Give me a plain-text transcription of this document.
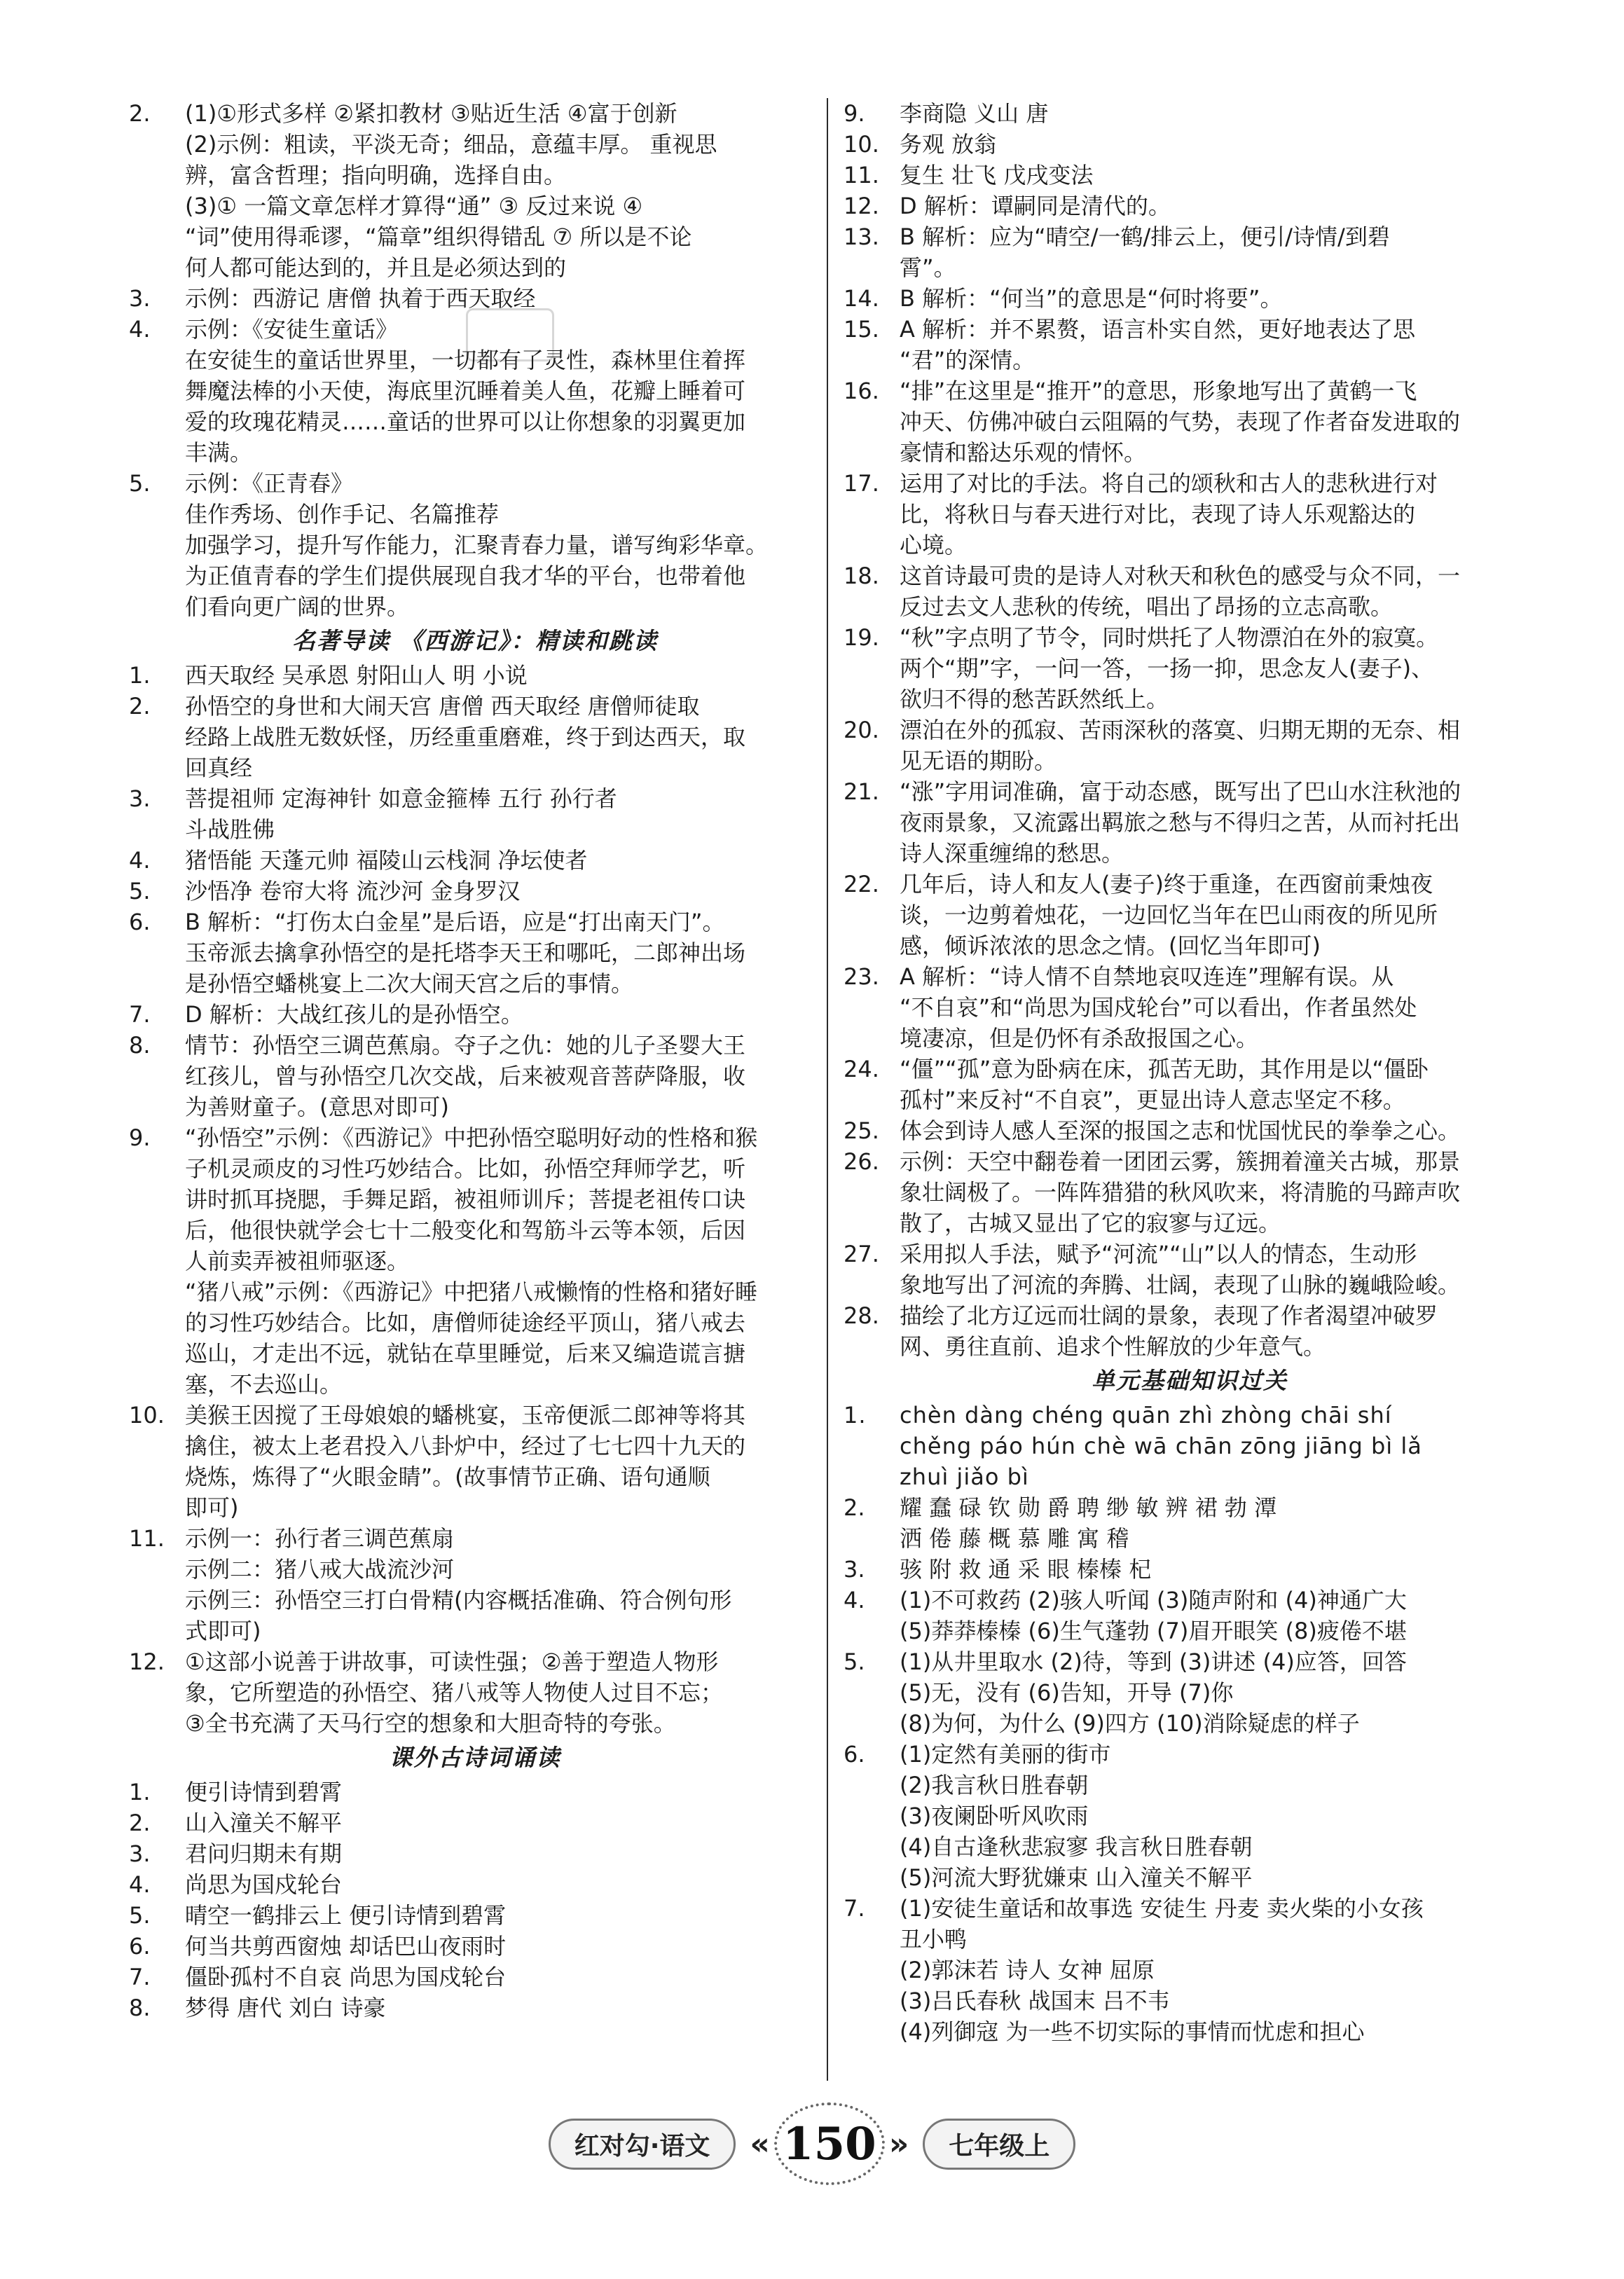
2.	(1)①形式多样 ②紧扣教材 ③贴近生活 ④富于创新
(2)示例：粗读，平淡无奇；细品，意蕴丰厚。 重视思
辨，富含哲理；指向明确，选择自由。
(3)① 一篇文章怎样才算得“通” ③ 反过来说 ④
“词”使用得乖谬，“篇章”组织得错乱 ⑦ 所以是不论
何人都可能达到的，并且是必须达到的
3.	示例：西游记 唐僧 执着于西天取经
4.	示例：《安徒生童话》
在安徒生的童话世界里，一切都有了灵性，森林里住着挥
舞魔法棒的小天使，海底里沉睡着美人鱼，花瓣上睡着可
爱的玫瑰花精灵……童话的世界可以让你想象的羽翼更加
丰满。
5.	示例：《正青春》
佳作秀场、创作手记、名篇推荐
加强学习，提升写作能力，汇聚青春力量，谱写绚彩华章。
为正值青春的学生们提供展现自我才华的平台，也带着他
们看向更广阔的世界。
名著导读 《西游记》：精读和跳读
1.	西天取经 吴承恩 射阳山人 明 小说
2.	孙悟空的身世和大闹天宫 唐僧 西天取经 唐僧师徒取
经路上战胜无数妖怪，历经重重磨难，终于到达西天，取
回真经
3.	菩提祖师 定海神针 如意金箍棒 五行 孙行者
斗战胜佛
4.	猪悟能 天蓬元帅 福陵山云栈洞 净坛使者
5.	沙悟净 卷帘大将 流沙河 金身罗汉
6.	B 解析：“打伤太白金星”是后语，应是“打出南天门”。
玉帝派去擒拿孙悟空的是托塔李天王和哪吒，二郎神出场
是孙悟空蟠桃宴上二次大闹天宫之后的事情。
7.	D 解析：大战红孩儿的是孙悟空。
8.	情节：孙悟空三调芭蕉扇。夺子之仇：她的儿子圣婴大王
红孩儿，曾与孙悟空几次交战，后来被观音菩萨降服，收
为善财童子。(意思对即可)
9.	“孙悟空”示例：《西游记》中把孙悟空聪明好动的性格和猴
子机灵顽皮的习性巧妙结合。比如，孙悟空拜师学艺，听
讲时抓耳挠腮，手舞足蹈，被祖师训斥；菩提老祖传口诀
后，他很快就学会七十二般变化和驾筋斗云等本领，后因
人前卖弄被祖师驱逐。
“猪八戒”示例：《西游记》中把猪八戒懒惰的性格和猪好睡
的习性巧妙结合。比如，唐僧师徒途经平顶山，猪八戒去
巡山，才走出不远，就钻在草里睡觉，后来又编造谎言搪
塞，不去巡山。
10. 美猴王因搅了王母娘娘的蟠桃宴，玉帝便派二郎神等将其
擒住，被太上老君投入八卦炉中，经过了七七四十九天的
烧炼，炼得了“火眼金睛”。(故事情节正确、语句通顺
即可)
11. 示例一：孙行者三调芭蕉扇
示例二：猪八戒大战流沙河
示例三：孙悟空三打白骨精(内容概括准确、符合例句形
式即可)
12. ①这部小说善于讲故事，可读性强；②善于塑造人物形
象，它所塑造的孙悟空、猪八戒等人物使人过目不忘；
③全书充满了天马行空的想象和大胆奇特的夸张。
课外古诗词诵读
1.	便引诗情到碧霄
2.	山入潼关不解平
3.	君问归期未有期
4.	尚思为国戍轮台
5.	晴空一鹤排云上 便引诗情到碧霄
6.	何当共剪西窗烛 却话巴山夜雨时
7.	僵卧孤村不自哀 尚思为国戍轮台
8.	梦得 唐代 刘白 诗豪
9.	李商隐 义山 唐
10. 务观 放翁
11. 复生 壮飞 戊戌变法
12. D 解析：谭嗣同是清代的。
13. B 解析：应为“晴空/一鹤/排云上，便引/诗情/到碧
霄”。
14. B 解析：“何当”的意思是“何时将要”。
15. A 解析：并不累赘，语言朴实自然，更好地表达了思
“君”的深情。
16. “排”在这里是“推开”的意思，形象地写出了黄鹤一飞
冲天、仿佛冲破白云阻隔的气势，表现了作者奋发进取的
豪情和豁达乐观的情怀。
17. 运用了对比的手法。将自己的颂秋和古人的悲秋进行对
比，将秋日与春天进行对比，表现了诗人乐观豁达的
心境。
18. 这首诗最可贵的是诗人对秋天和秋色的感受与众不同，一
反过去文人悲秋的传统，唱出了昂扬的立志高歌。
19. “秋”字点明了节令，同时烘托了人物漂泊在外的寂寞。
两个“期”字，一问一答，一扬一抑，思念友人(妻子)、
欲归不得的愁苦跃然纸上。
20. 漂泊在外的孤寂、苦雨深秋的落寞、归期无期的无奈、相
见无语的期盼。
21. “涨”字用词准确，富于动态感，既写出了巴山水注秋池的
夜雨景象，又流露出羁旅之愁与不得归之苦，从而衬托出
诗人深重缠绵的愁思。
22. 几年后，诗人和友人(妻子)终于重逢，在西窗前秉烛夜
谈，一边剪着烛花，一边回忆当年在巴山雨夜的所见所
感，倾诉浓浓的思念之情。(回忆当年即可)
23. A 解析：“诗人情不自禁地哀叹连连”理解有误。从
“不自哀”和“尚思为国戍轮台”可以看出，作者虽然处
境凄凉，但是仍怀有杀敌报国之心。
24. “僵”“孤”意为卧病在床，孤苦无助，其作用是以“僵卧
孤村”来反衬“不自哀”，更显出诗人意志坚定不移。
25. 体会到诗人感人至深的报国之志和忧国忧民的拳拳之心。
26. 示例：天空中翻卷着一团团云雾，簇拥着潼关古城，那景
象壮阔极了。一阵阵猎猎的秋风吹来，将清脆的马蹄声吹
散了，古城又显出了它的寂寥与辽远。
27. 采用拟人手法，赋予“河流”“山”以人的情态，生动形
象地写出了河流的奔腾、壮阔，表现了山脉的巍峨险峻。
28. 描绘了北方辽远而壮阔的景象，表现了作者渴望冲破罗
网、勇往直前、追求个性解放的少年意气。
单元基础知识过关
1.	chèn dàng chéng quān zhì zhòng chāi shí
chěng páo hún chè wā chān zōng jiāng bì lǎ
zhuì jiǎo bì
2.	耀 蠢 碌 钦 勋 爵 聘 缈 敏 辨 裙 勃 潭
洒 倦 藤 概 慕 雕 寓 稽
3.	骇 附 救 通 采 眼 榛榛 杞
4.	(1)不可救药 (2)骇人听闻 (3)随声附和 (4)神通广大
(5)莽莽榛榛 (6)生气蓬勃 (7)眉开眼笑 (8)疲倦不堪
5.	(1)从井里取水 (2)待，等到 (3)讲述 (4)应答，回答
(5)无，没有 (6)告知，开导 (7)你
(8)为何，为什么 (9)四方 (10)消除疑虑的样子
6.	(1)定然有美丽的街市
(2)我言秋日胜春朝
(3)夜阑卧听风吹雨
(4)自古逢秋悲寂寥 我言秋日胜春朝
(5)河流大野犹嫌束 山入潼关不解平
7.	(1)安徒生童话和故事选 安徒生 丹麦 卖火柴的小女孩
丑小鸭
(2)郭沫若 诗人 女神 屈原
(3)吕氏春秋 战国末 吕不韦
(4)列御寇 为一些不切实际的事情而忧虑和担心
红对勾·语文	« 150 »	七年级上
